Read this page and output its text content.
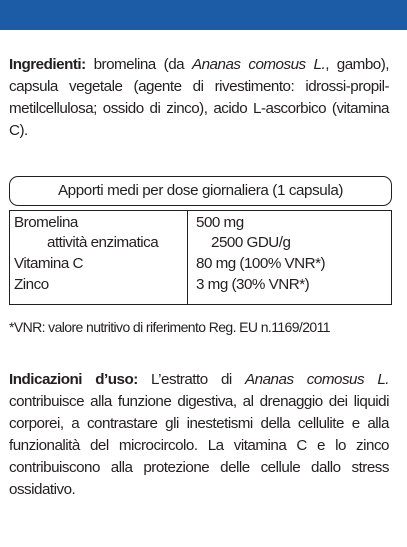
Ingredienti: bromelina (da Ananas comosus L., gambo), capsula vegetale (agente di rivestimento: idrossi-propil-metilcellulosa; ossido di zinco), acido L-ascorbico (vitamina C).
Apporti medi per dose giornaliera (1 capsula)
Bromelina	500 mg
attività enzimatica	2500 GDU/g
Vitamina C	80 mg (100% VNR*)
Zinco	3 mg (30% VNR*)
*VNR: valore nutritivo di riferimento Reg. EU n.1169/2011
Indicazioni d’uso: L’estratto di Ananas comosus L. contribuisce alla funzione digestiva, al drenaggio dei liquidi corporei, a contrastare gli inestetismi della cellulite e alla funzionalità del microcircolo. La vitamina C e lo zinco contribuiscono alla protezione delle cellule dallo stress ossidativo.
